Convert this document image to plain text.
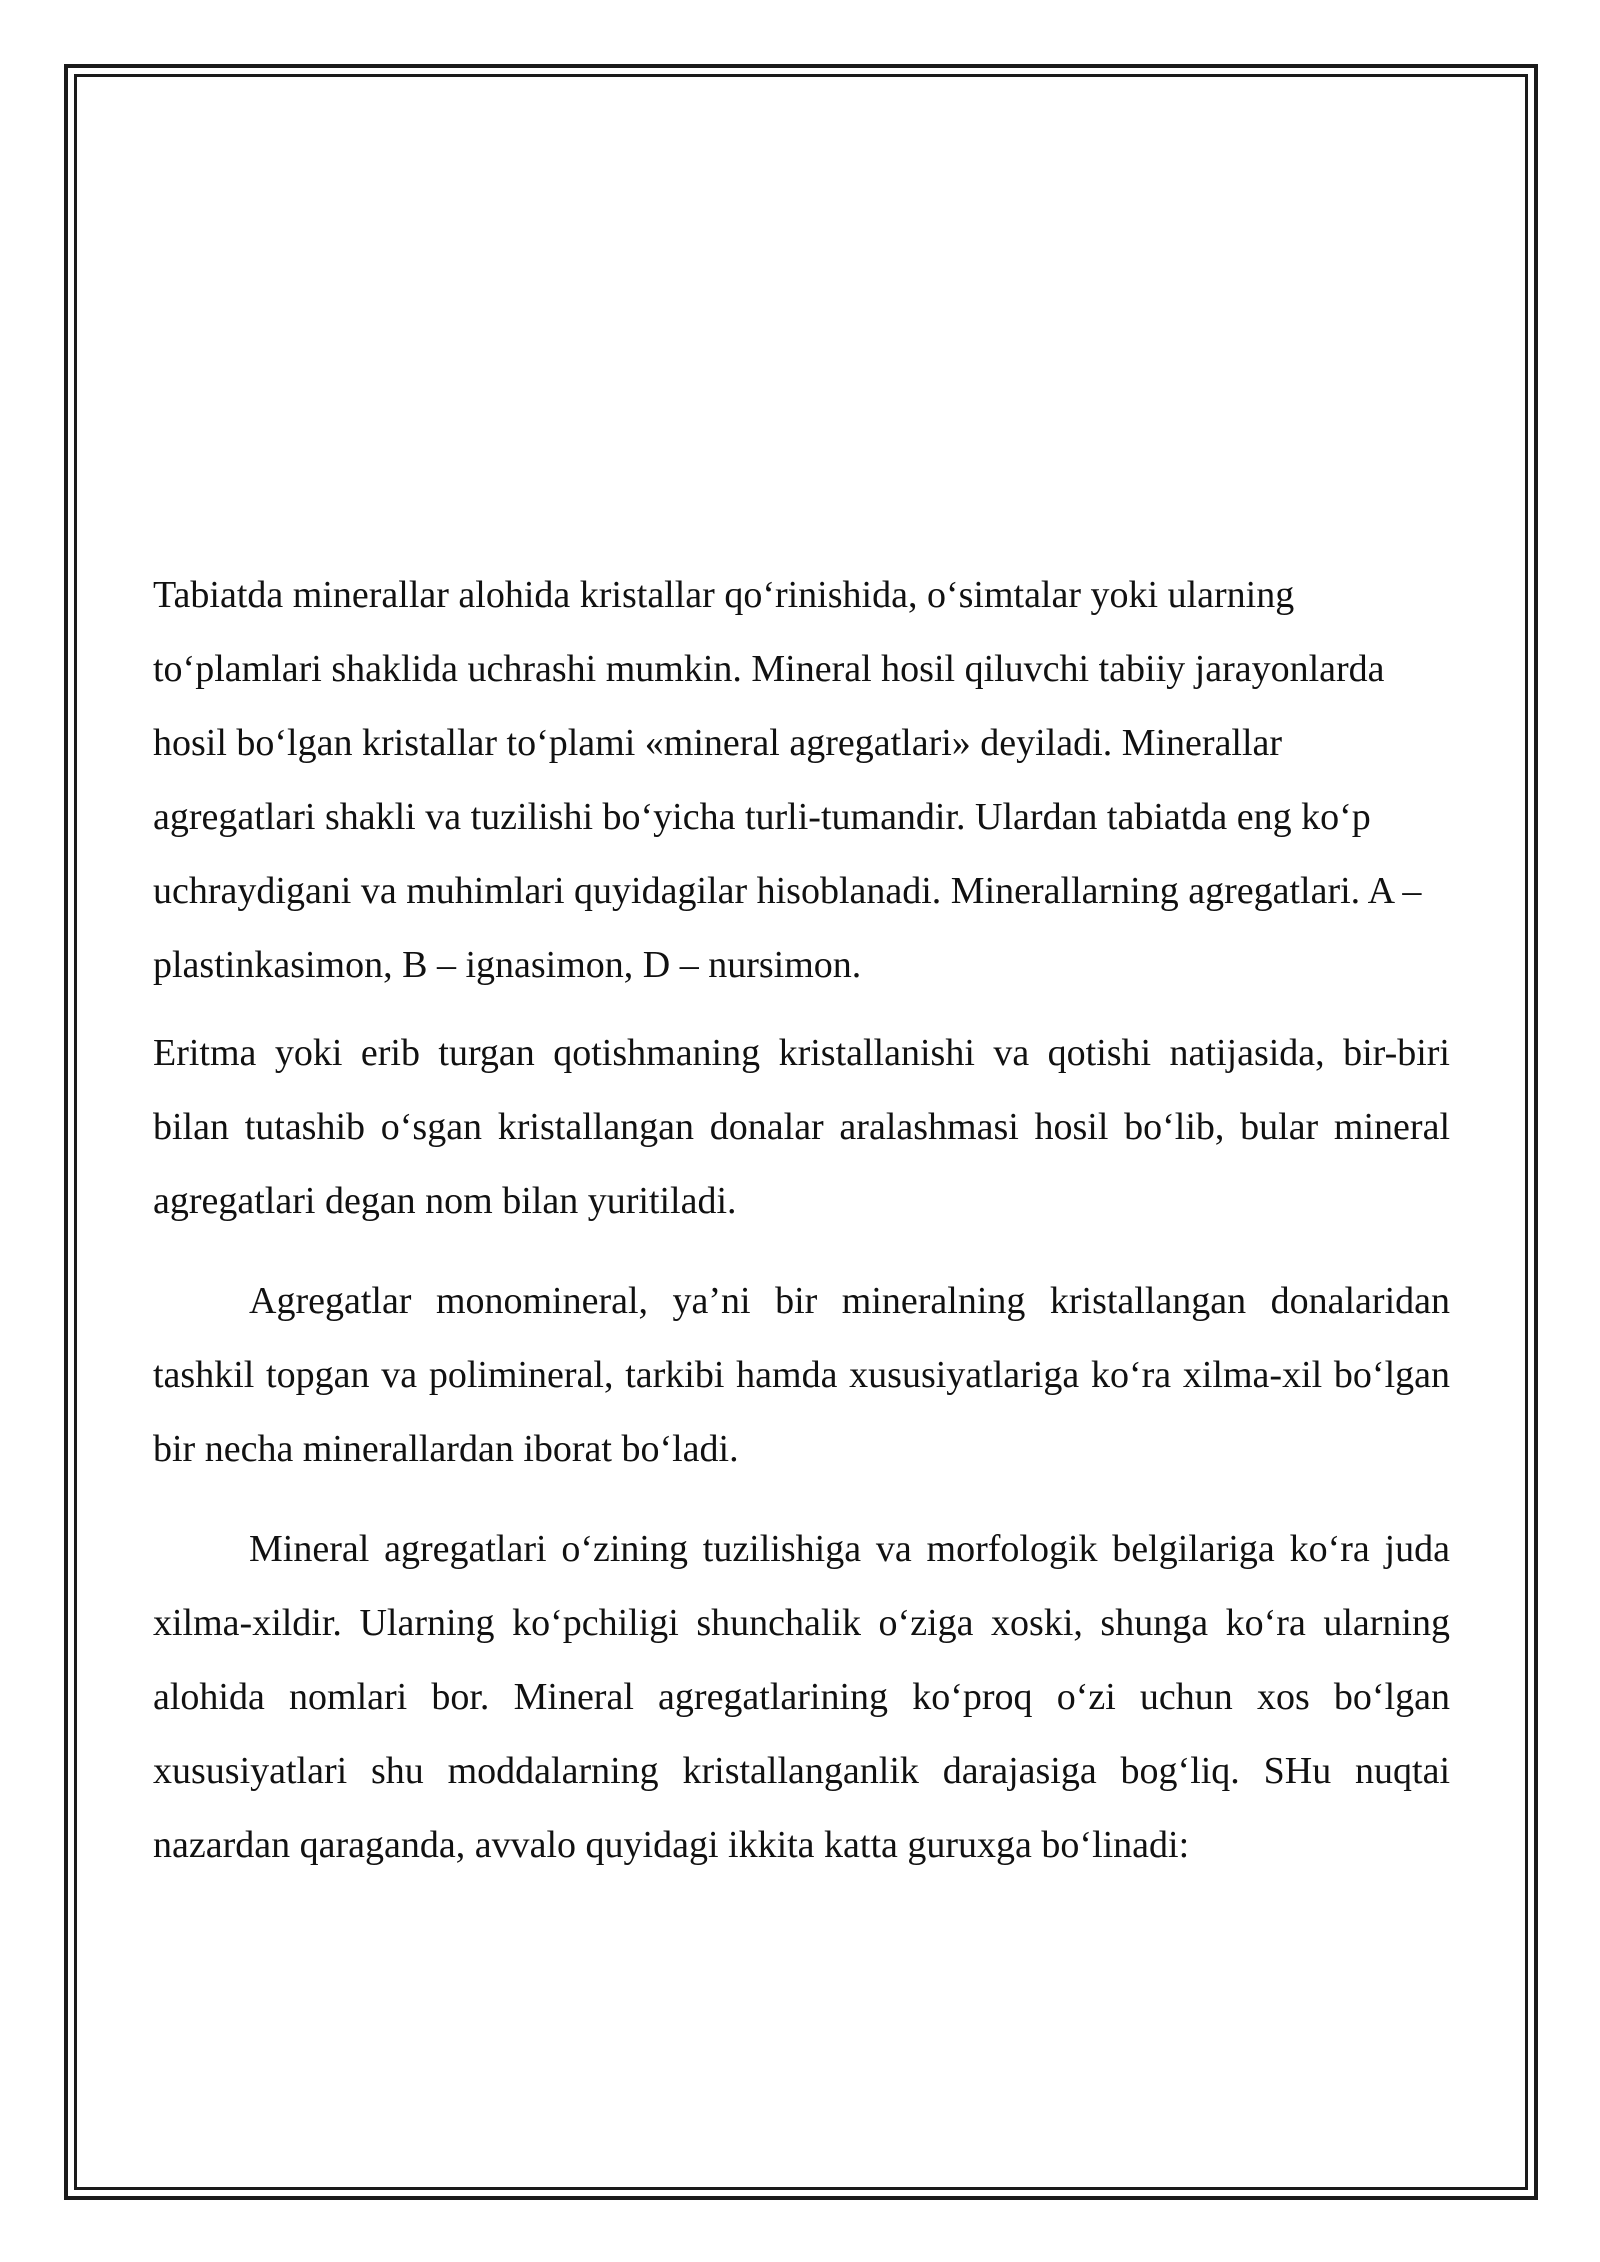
Tabiatda minerallar alohida kristallar qo‘rinishida, o‘simtalar yoki ularning to‘plamlari shaklida uchrashi mumkin. Mineral hosil qiluvchi tabiiy jarayonlarda hosil bo‘lgan kristallar to‘plami «mineral agregatlari» deyiladi. Minerallar agregatlari shakli va tuzilishi bo‘yicha turli-tumandir. Ulardan tabiatda eng ko‘p uchraydigani va muhimlari quyidagilar hisoblanadi. Minerallarning agregatlari. A – plastinkasimon, B – ignasimon, D – nursimon.

Eritma yoki erib turgan qotishmaning kristallanishi va qotishi natijasida, bir-biri bilan tutashib o‘sgan kristallangan donalar aralashmasi hosil bo‘lib, bular mineral agregatlari degan nom bilan yuritiladi.

Agregatlar monomineral, ya’ni bir mineralning kristallangan donalaridan tashkil topgan va polimineral, tarkibi hamda xususiyatlariga ko‘ra xilma-xil bo‘lgan bir necha minerallardan iborat bo‘ladi.

Mineral agregatlari o‘zining tuzilishiga va morfologik belgilariga ko‘ra juda xilma-xildir. Ularning ko‘pchiligi shunchalik o‘ziga xoski, shunga ko‘ra ularning alohida nomlari bor. Mineral agregatlarining ko‘proq o‘zi uchun xos bo‘lgan xususiyatlari shu moddalarning kristallanganlik darajasiga bog‘liq. SHu nuqtai nazardan qaraganda, avvalo quyidagi ikkita katta guruxga bo‘linadi:
